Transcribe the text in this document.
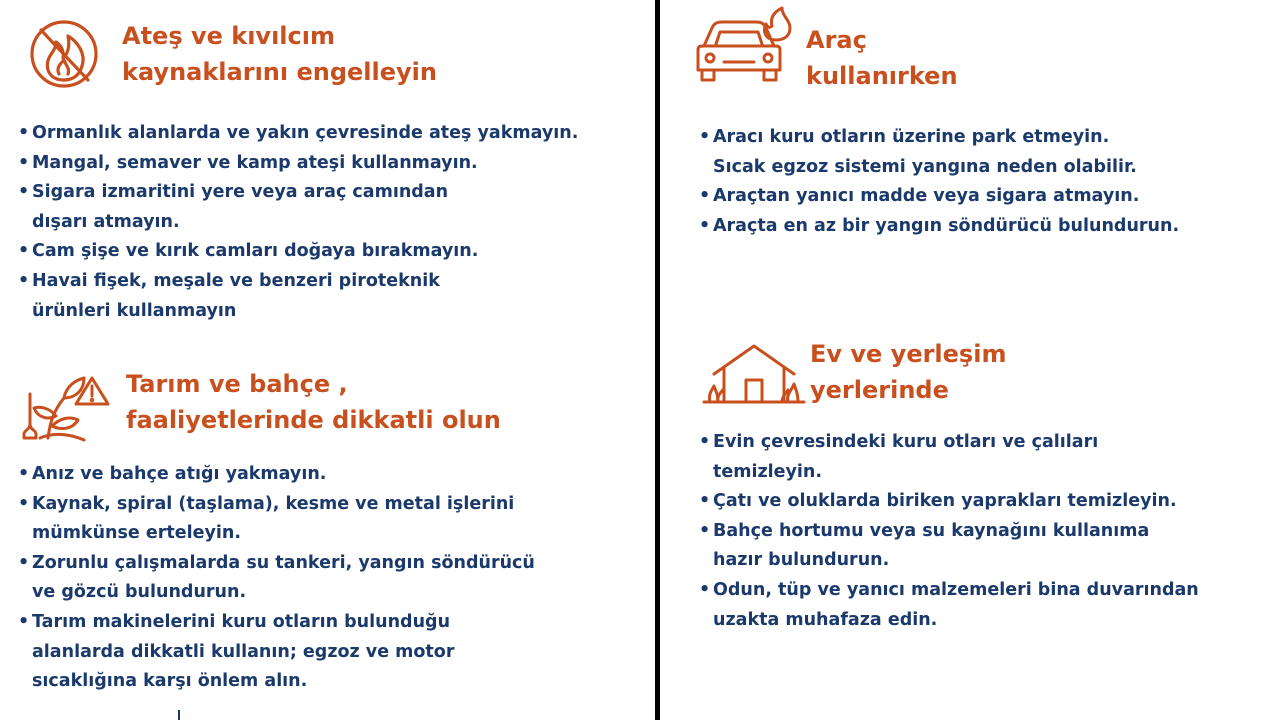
Ateş ve kıvılcım
kaynaklarını engelleyin
• Ormanlık alanlarda ve yakın çevresinde ateş yakmayın.
• Mangal, semaver ve kamp ateşi kullanmayın.
• Sigara izmaritini yere veya araç camından
dışarı atmayın.
• Cam şişe ve kırık camları doğaya bırakmayın.
• Havai fişek, meşale ve benzeri piroteknik
ürünleri kullanmayın
Tarım ve bahçe ,
faaliyetlerinde dikkatli olun
• Anız ve bahçe atığı yakmayın.
• Kaynak, spiral (taşlama), kesme ve metal işlerini
mümkünse erteleyin.
• Zorunlu çalışmalarda su tankeri, yangın söndürücü
ve gözcü bulundurun.
• Tarım makinelerini kuru otların bulunduğu
alanlarda dikkatli kullanın; egzoz ve motor
sıcaklığına karşı önlem alın.
Araç
kullanırken
• Aracı kuru otların üzerine park etmeyin.
Sıcak egzoz sistemi yangına neden olabilir.
• Araçtan yanıcı madde veya sigara atmayın.
• Araçta en az bir yangın söndürücü bulundurun.
Ev ve yerleşim
yerlerinde
• Evin çevresindeki kuru otları ve çalıları
temizleyin.
• Çatı ve oluklarda biriken yaprakları temizleyin.
• Bahçe hortumu veya su kaynağını kullanıma
hazır bulundurun.
• Odun, tüp ve yanıcı malzemeleri bina duvarından
uzakta muhafaza edin.
